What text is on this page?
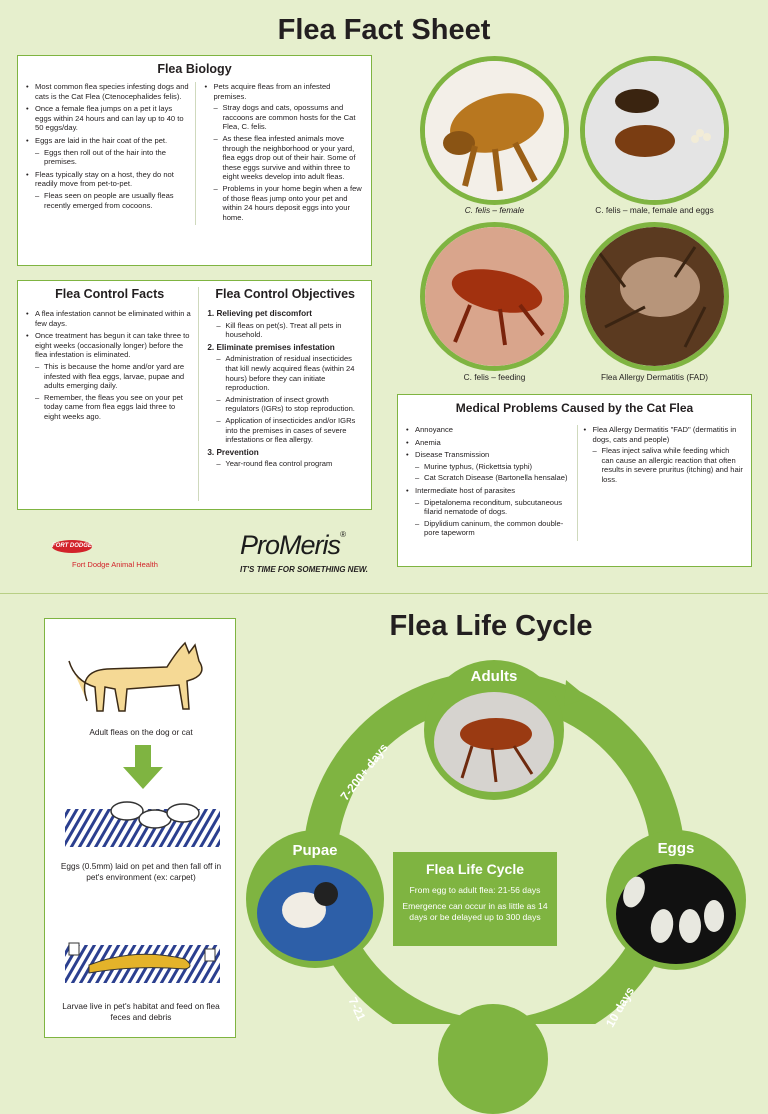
Flea Fact Sheet
Flea Biology
• Most common flea species infesting dogs and cats is the Cat Flea (Ctenocephalides felis).
• Once a female flea jumps on a pet it lays eggs within 24 hours and can lay up to 40 to 50 eggs/day.
• Eggs are laid in the hair coat of the pet.
– Eggs then roll out of the hair into the premises.
• Fleas typically stay on a host, they do not readily move from pet-to-pet.
– Fleas seen on people are usually fleas recently emerged from cocoons.
• Pets acquire fleas from an infested premises.
– Stray dogs and cats, opossums and raccoons are common hosts for the Cat Flea, C. felis.
– As these flea infested animals move through the neighborhood or your yard, flea eggs drop out of their hair. Some of these eggs survive and within three to eight weeks develop into adult fleas.
– Problems in your home begin when a few of those fleas jump onto your pet and within 24 hours deposit eggs into your home.
Flea Control Facts
• A flea infestation cannot be eliminated within a few days.
• Once treatment has begun it can take three to eight weeks (occasionally longer) before the flea infestation is eliminated.
– This is because the home and/or yard are infested with flea eggs, larvae, pupae and adults emerging daily.
– Remember, the fleas you see on your pet today came from flea eggs laid three to eight weeks ago.
Flea Control Objectives
1. Relieving pet discomfort
– Kill fleas on pet(s). Treat all pets in household.
2. Eliminate premises infestation
– Administration of residual insecticides that kill newly acquired fleas (within 24 hours) before they can initiate reproduction.
– Administration of insect growth regulators (IGRs) to stop reproduction.
– Application of insecticides and/or IGRs into the premises in cases of severe infestations or flea allergy.
3. Prevention
– Year-round flea control program
FORT DODGE
Fort Dodge Animal Health
ProMeris®
IT'S TIME FOR SOMETHING NEW.
C. felis – female	C. felis – male, female and eggs
C. felis – feeding	Flea Allergy Dermatitis (FAD)
Medical Problems Caused by the Cat Flea
• Annoyance
• Anemia
• Disease Transmission
– Murine typhus, (Rickettsia typhi)
– Cat Scratch Disease (Bartonella hensalae)
• Intermediate host of parasites
– Dipetalonema reconditum, subcutaneous filarid nematode of dogs.
– Dipylidium caninum, the common double-pore tapeworm
• Flea Allergy Dermatitis "FAD" (dermatitis in dogs, cats and people)
– Fleas inject saliva while feeding which can cause an allergic reaction that often results in severe pruritus (itching) and hair loss.
Adult fleas on the dog or cat
Eggs (0.5mm) laid on pet and then fall off in pet's environment (ex: carpet)
Larvae live in pet's habitat and feed on flea feces and debris
Flea Life Cycle
7-200+ days
10 days
7-21
Adults
Eggs
Pupae
Flea Life Cycle
From egg to adult flea: 21-56 days
Emergence can occur in as little as 14 days or be delayed up to 300 days
